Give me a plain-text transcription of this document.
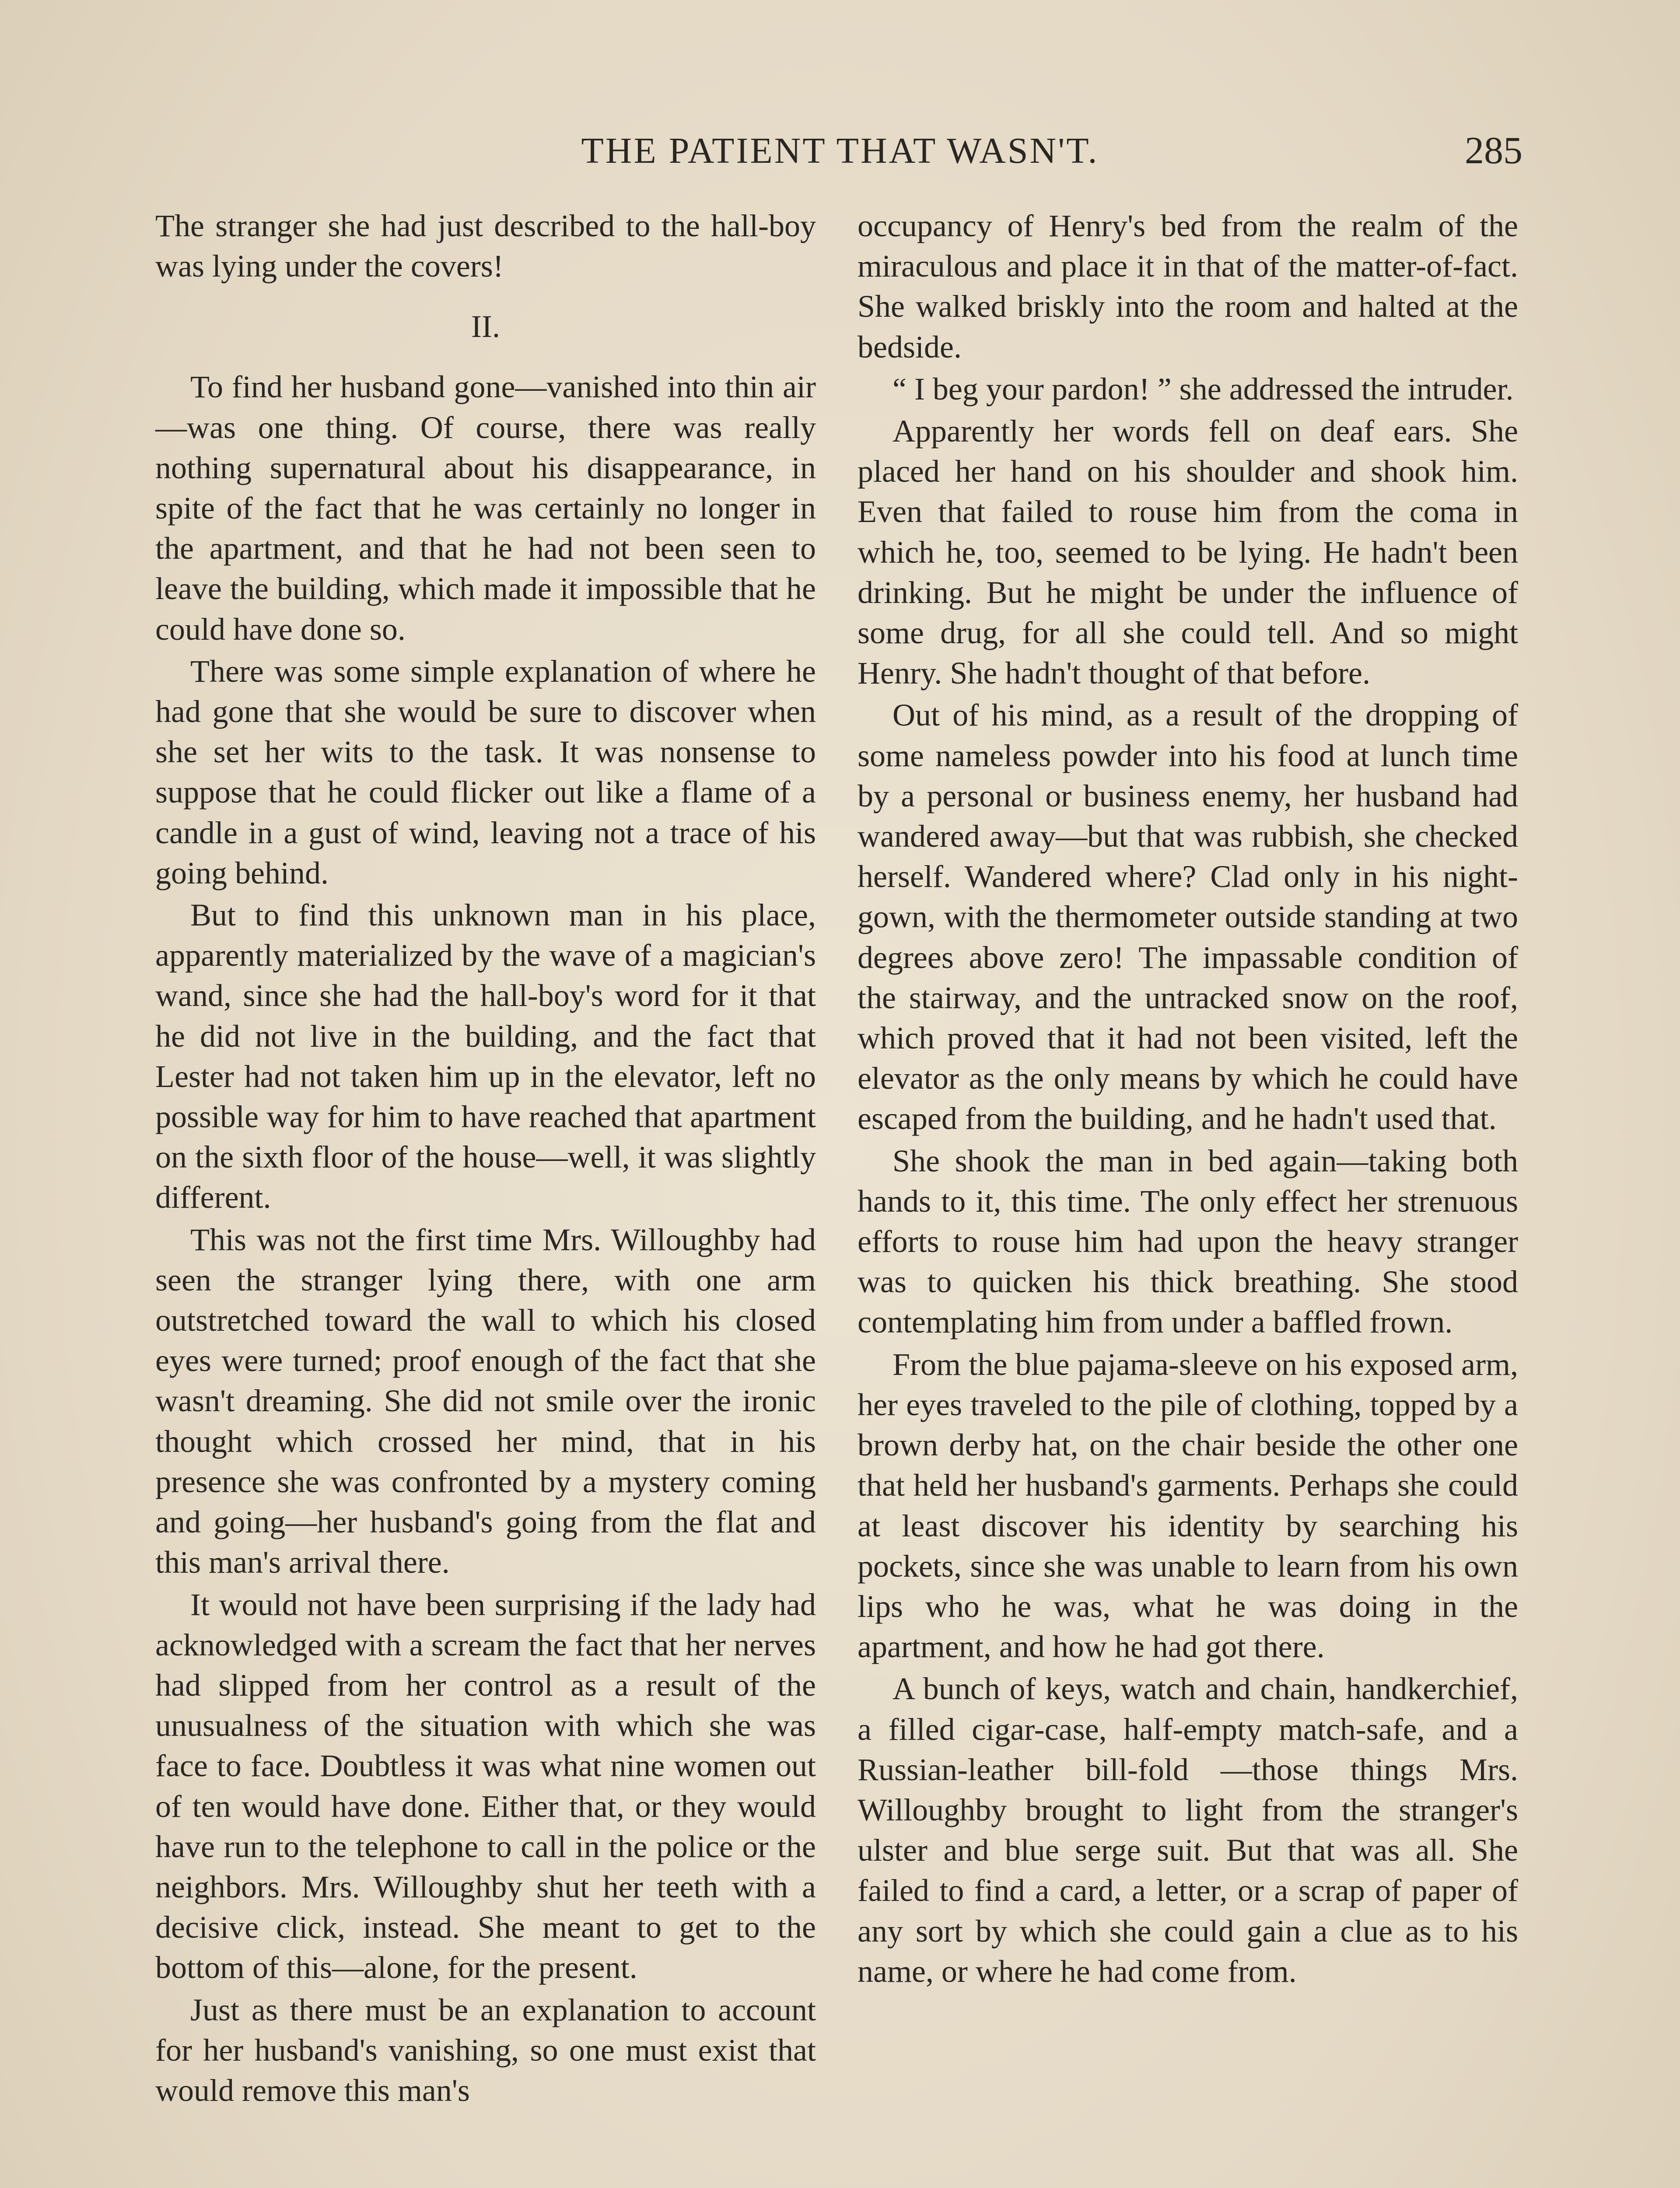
THE PATIENT THAT WASN'T.	285

The stranger she had just described to the hall-boy was lying under the covers!

II.

To find her husband gone—vanished into thin air—was one thing. Of course, there was really nothing supernatural about his disappearance, in spite of the fact that he was certainly no longer in the apartment, and that he had not been seen to leave the building, which made it impossible that he could have done so.

There was some simple explanation of where he had gone that she would be sure to discover when she set her wits to the task. It was nonsense to suppose that he could flicker out like a flame of a candle in a gust of wind, leaving not a trace of his going behind.

But to find this unknown man in his place, apparently materialized by the wave of a magician's wand, since she had the hall-boy's word for it that he did not live in the building, and the fact that Lester had not taken him up in the elevator, left no possible way for him to have reached that apartment on the sixth floor of the house—well, it was slightly different.

This was not the first time Mrs. Willoughby had seen the stranger lying there, with one arm outstretched toward the wall to which his closed eyes were turned; proof enough of the fact that she wasn't dreaming. She did not smile over the ironic thought which crossed her mind, that in his presence she was confronted by a mystery coming and going—her husband's going from the flat and this man's arrival there.

It would not have been surprising if the lady had acknowledged with a scream the fact that her nerves had slipped from her control as a result of the unusualness of the situation with which she was face to face. Doubtless it was what nine women out of ten would have done. Either that, or they would have run to the telephone to call in the police or the neighbors. Mrs. Willoughby shut her teeth with a decisive click, instead. She meant to get to the bottom of this—alone, for the present.

Just as there must be an explanation to account for her husband's vanishing, so one must exist that would remove this man's

occupancy of Henry's bed from the realm of the miraculous and place it in that of the matter-of-fact. She walked briskly into the room and halted at the bedside.

“ I beg your pardon! ” she addressed the intruder.

Apparently her words fell on deaf ears. She placed her hand on his shoulder and shook him. Even that failed to rouse him from the coma in which he, too, seemed to be lying. He hadn't been drinking. But he might be under the influence of some drug, for all she could tell. And so might Henry. She hadn't thought of that before.

Out of his mind, as a result of the dropping of some nameless powder into his food at lunch time by a personal or business enemy, her husband had wandered away—but that was rubbish, she checked herself. Wandered where? Clad only in his nightgown, with the thermometer outside standing at two degrees above zero! The impassable condition of the stairway, and the untracked snow on the roof, which proved that it had not been visited, left the elevator as the only means by which he could have escaped from the building, and he hadn't used that.

She shook the man in bed again—taking both hands to it, this time. The only effect her strenuous efforts to rouse him had upon the heavy stranger was to quicken his thick breathing. She stood contemplating him from under a baffled frown.

From the blue pajama-sleeve on his exposed arm, her eyes traveled to the pile of clothing, topped by a brown derby hat, on the chair beside the other one that held her husband's garments. Perhaps she could at least discover his identity by searching his pockets, since she was unable to learn from his own lips who he was, what he was doing in the apartment, and how he had got there.

A bunch of keys, watch and chain, handkerchief, a filled cigar-case, half-empty match-safe, and a Russian-leather bill-fold —those things Mrs. Willoughby brought to light from the stranger's ulster and blue serge suit. But that was all. She failed to find a card, a letter, or a scrap of paper of any sort by which she could gain a clue as to his name, or where he had come from.
